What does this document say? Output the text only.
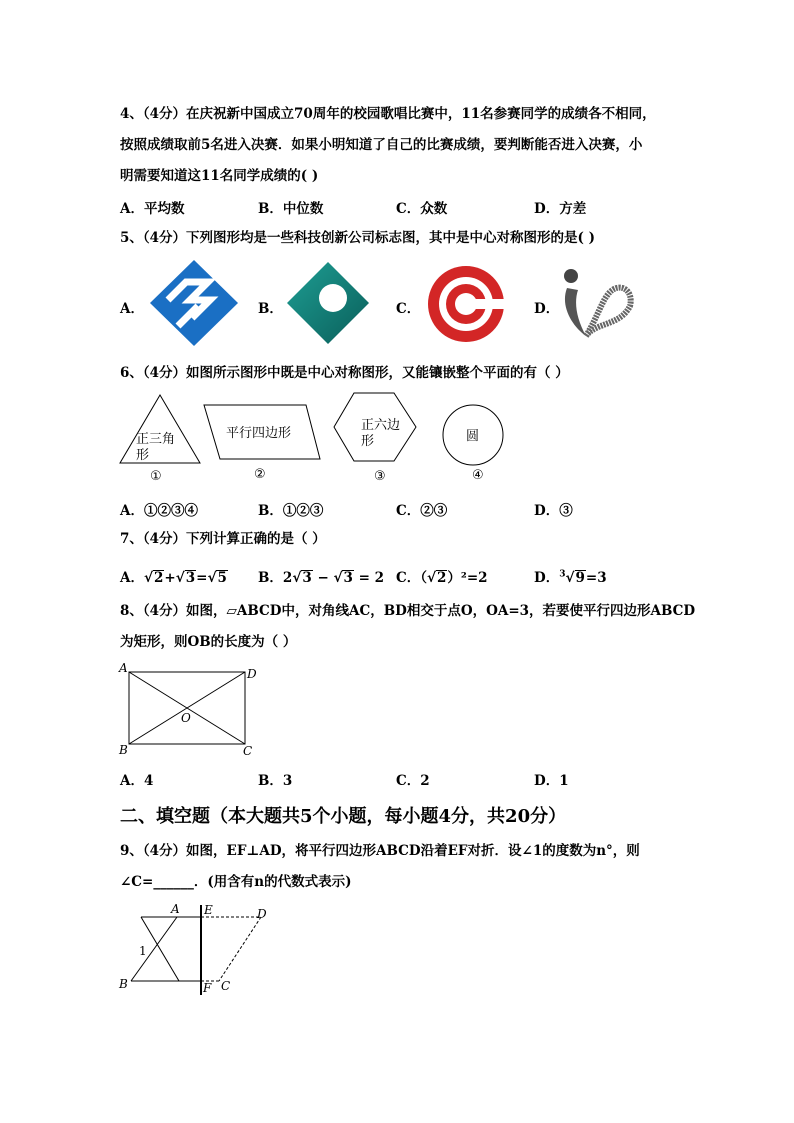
4、（4分）在庆祝新中国成立70周年的校园歌唱比赛中，11名参赛同学的成绩各不相同，
按照成绩取前5名进入决赛．如果小明知道了自己的比赛成绩，要判断能否进入决赛，小
明需要知道这11名同学成绩的( )
A．平均数	B．中位数	C．众数	D．方差
5、（4分）下列图形均是一些科技创新公司标志图，其中是中心对称图形的是( )
A．	B．	C．	D．
6、（4分）如图所示图形中既是中心对称图形，又能镶嵌整个平面的有（ ）
正三角
形
平行四边形
正六边
形	圆
①	②	③	④
A．①②③④	B．①②③	C．②③	D．③
7、（4分）下列计算正确的是（ ）
A．√2+√3=√5 B．2√3 − √3 = 2 C．（√2）²=2	D．$^3$√9=3
8、（4分）如图，▱ABCD中，对角线AC，BD相交于点O，OA=3，若要使平行四边形ABCD
为矩形，则OB的长度为（ ）
A	D
B	C
O
A．4	B．3	C．2	D．1
二、填空题（本大题共5个小题，每小题4分，共20分）
9、（4分）如图，EF⊥AD，将平行四边形ABCD沿着EF对折．设∠1的度数为n°，则
∠C=______．(用含有n的代数式表示)
A E	D
B	F C
1
